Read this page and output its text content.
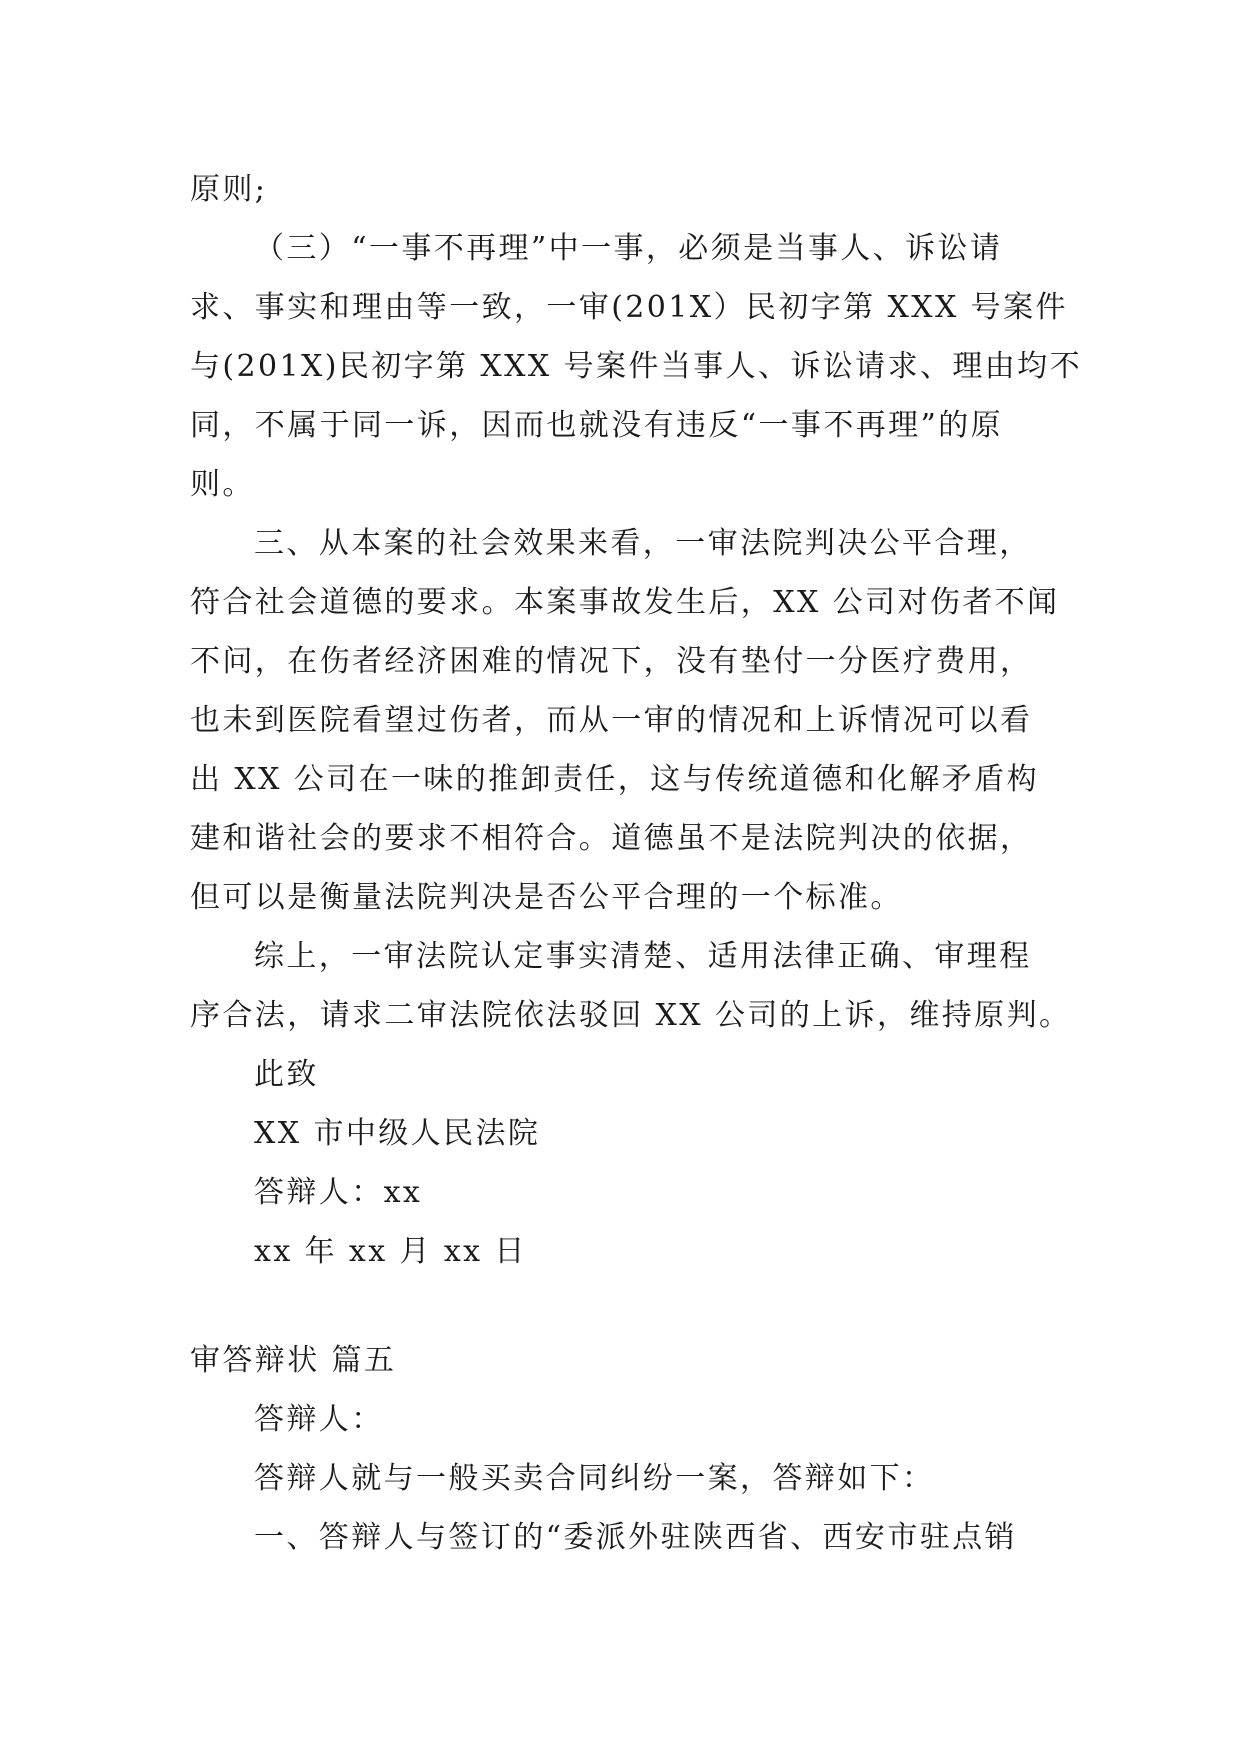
原则;

（三）“一事不再理”中一事，必须是当事人、诉讼请

求、事实和理由等一致，一审(201X）民初字第 XXX 号案件

与(201X)民初字第 XXX 号案件当事人、诉讼请求、理由均不

同，不属于同一诉，因而也就没有违反“一事不再理”的原

则。

三、从本案的社会效果来看，一审法院判决公平合理，

符合社会道德的要求。本案事故发生后，XX 公司对伤者不闻

不问，在伤者经济困难的情况下，没有垫付一分医疗费用，

也未到医院看望过伤者，而从一审的情况和上诉情况可以看

出 XX 公司在一味的推卸责任，这与传统道德和化解矛盾构

建和谐社会的要求不相符合。道德虽不是法院判决的依据，

但可以是衡量法院判决是否公平合理的一个标准。

综上，一审法院认定事实清楚、适用法律正确、审理程

序合法，请求二审法院依法驳回 XX 公司的上诉，维持原判。

此致

XX 市中级人民法院

答辩人：xx

xx 年 xx 月 xx 日

审答辩状 篇五

答辩人：

答辩人就与一般买卖合同纠纷一案，答辩如下：

一、答辩人与签订的“委派外驻陕西省、西安市驻点销
